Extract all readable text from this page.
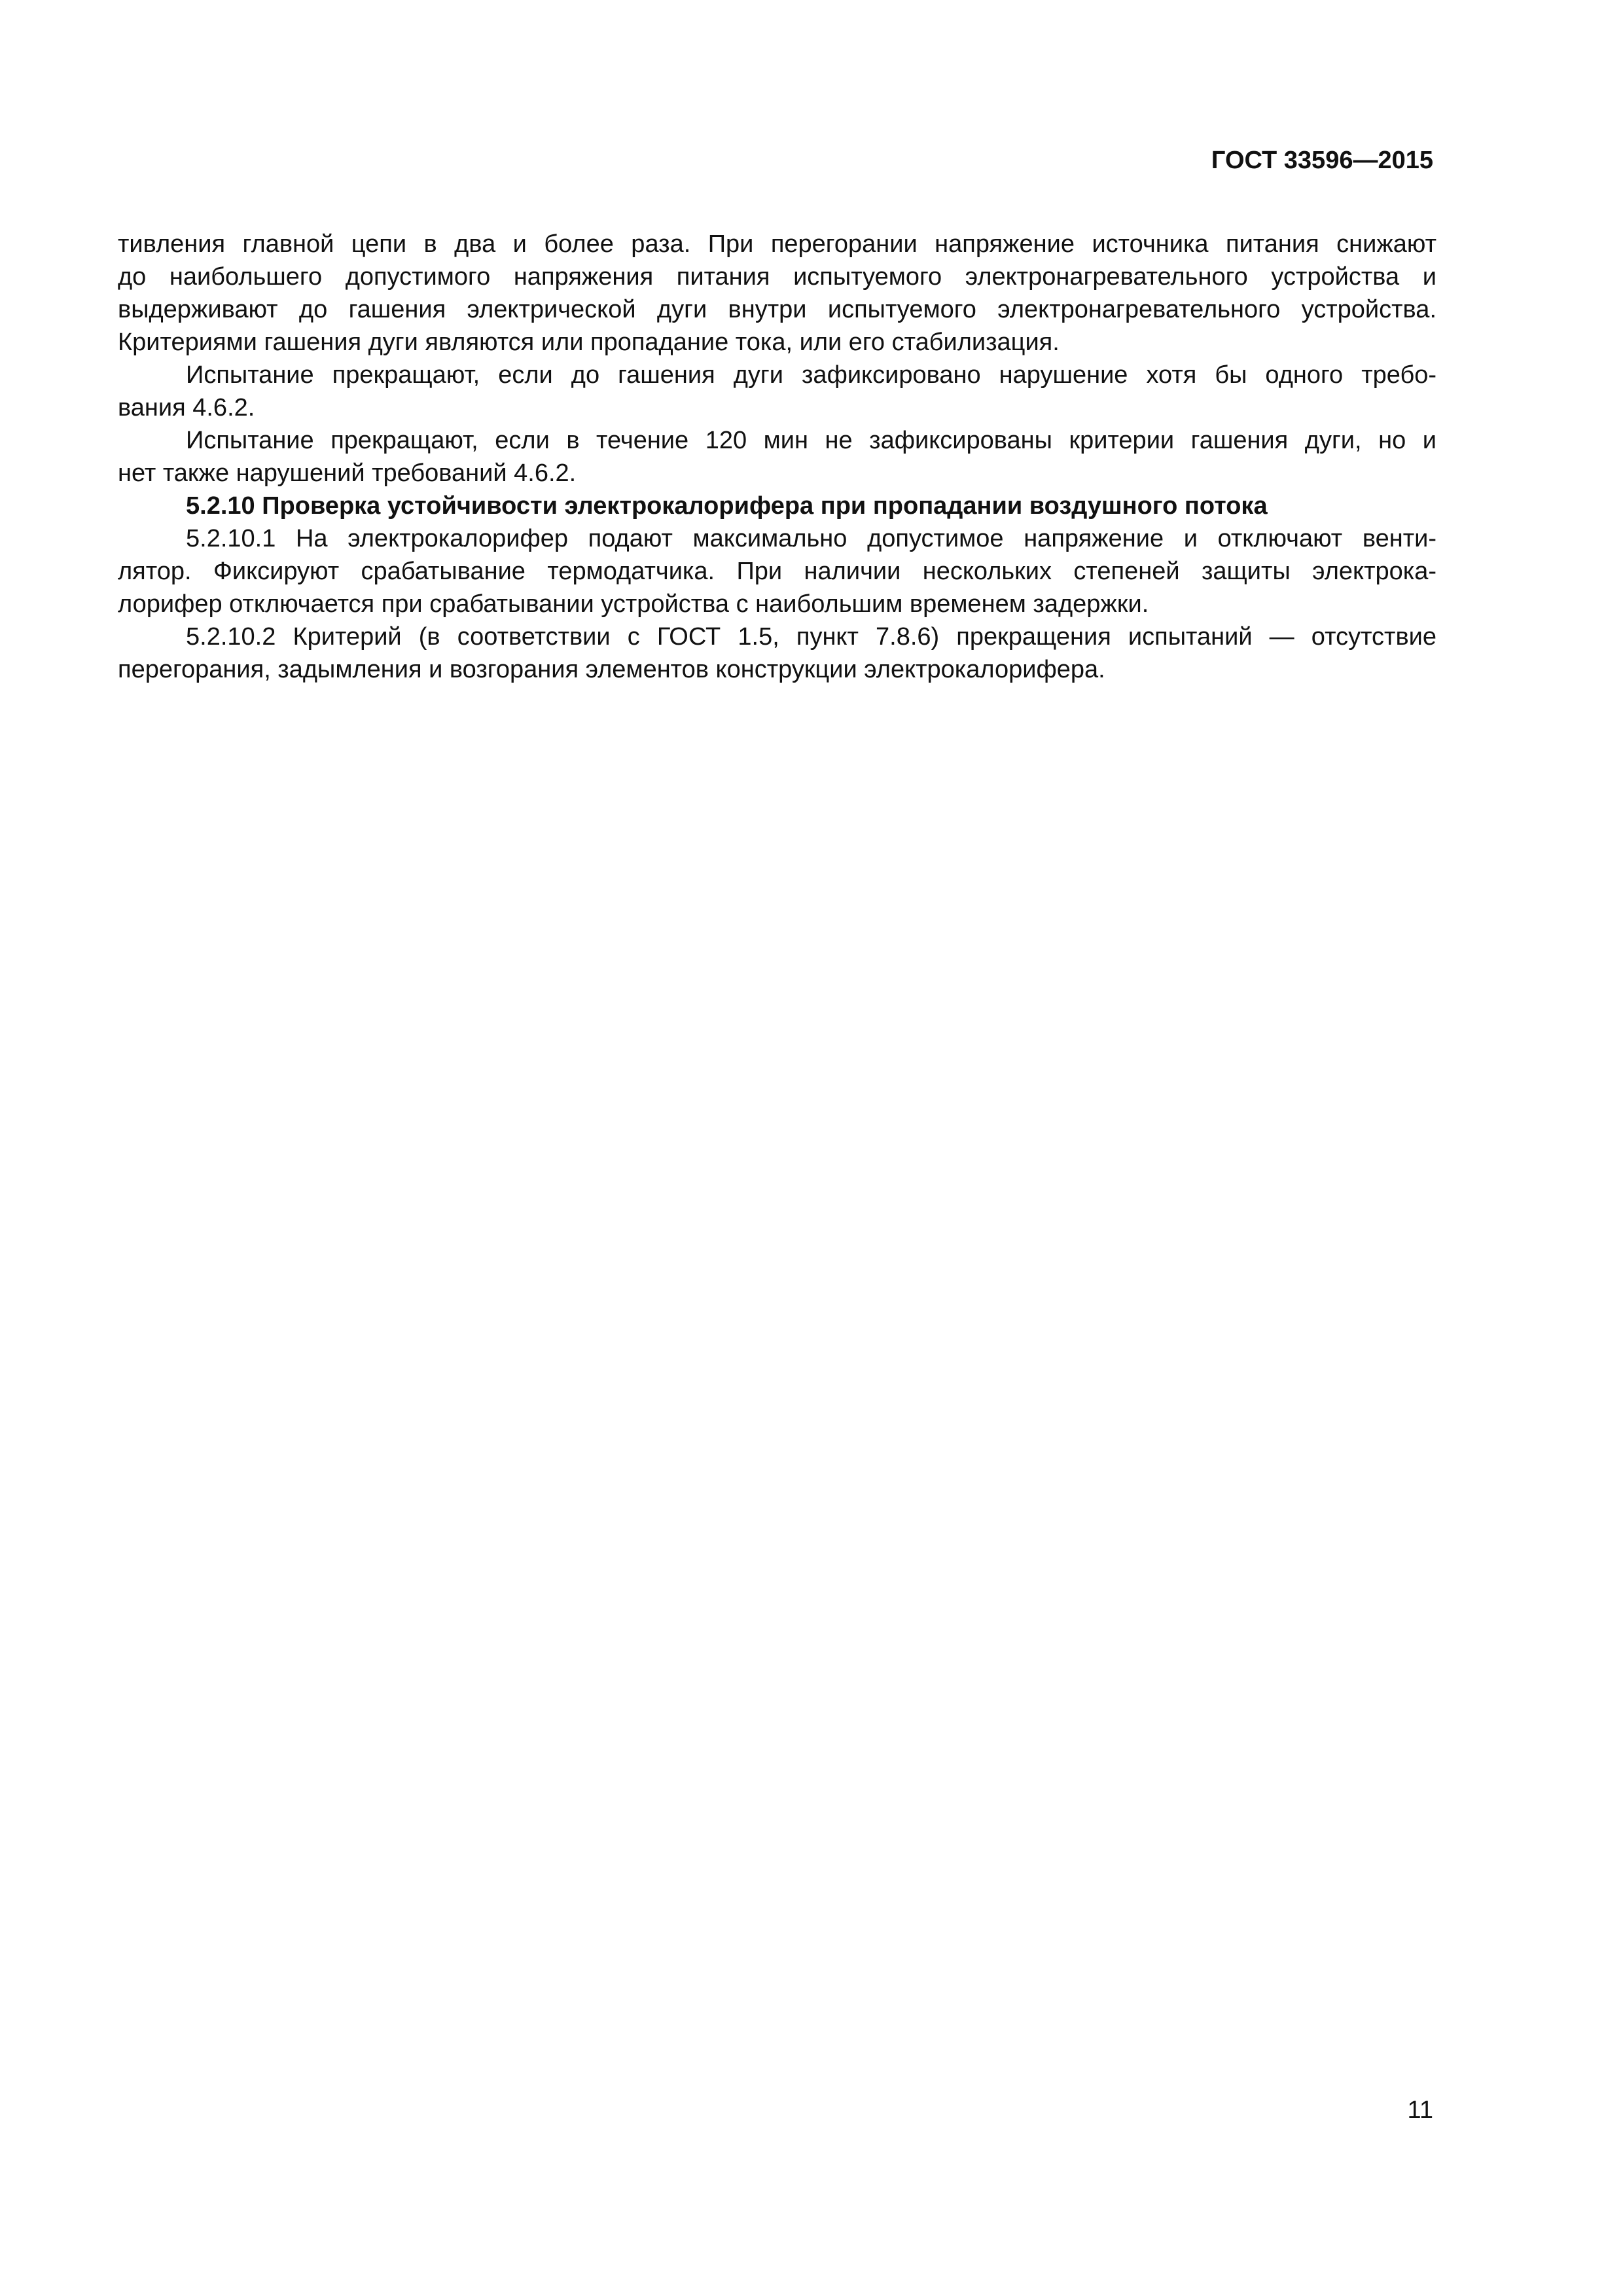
ГОСТ 33596—2015
тивления главной цепи в два и более раза. При перегорании напряжение источника питания снижают
до наибольшего допустимого напряжения питания испытуемого электронагревательного устройства и
выдерживают до гашения электрической дуги внутри испытуемого электронагревательного устройства.
Критериями гашения дуги являются или пропадание тока, или его стабилизация.
Испытание прекращают, если до гашения дуги зафиксировано нарушение хотя бы одного требо-
вания 4.6.2.
Испытание прекращают, если в течение 120 мин не зафиксированы критерии гашения дуги, но и
нет также нарушений требований 4.6.2.
5.2.10 Проверка устойчивости электрокалорифера при пропадании воздушного потока
5.2.10.1 На электрокалорифер подают максимально допустимое напряжение и отключают венти-
лятор. Фиксируют срабатывание термодатчика. При наличии нескольких степеней защиты электрока-
лорифер отключается при срабатывании устройства с наибольшим временем задержки.
5.2.10.2 Критерий (в соответствии с ГОСТ 1.5, пункт 7.8.6) прекращения испытаний — отсутствие
перегорания, задымления и возгорания элементов конструкции электрокалорифера.
11
